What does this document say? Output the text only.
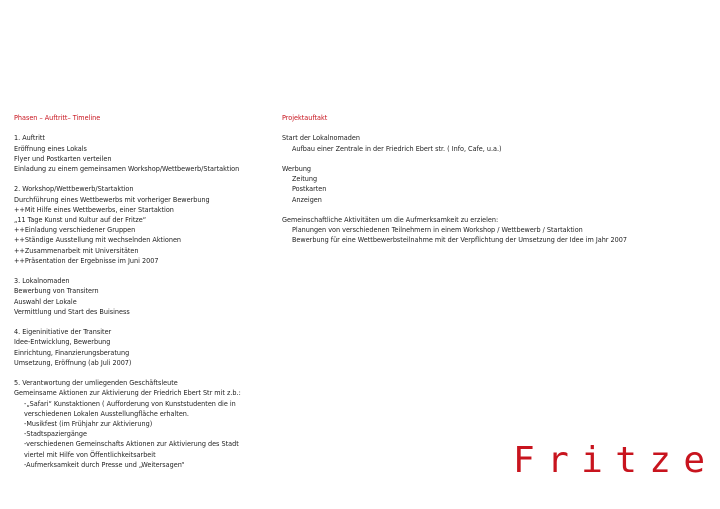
Phasen – Auftritt– Timeline
1. Auftritt
Eröffnung eines Lokals
Flyer und Postkarten verteilen
Einladung zu einem gemeinsamen Workshop/Wettbewerb/Startaktion
2. Workshop/Wettbewerb/Startaktion
Durchführung eines Wettbewerbs mit vorheriger Bewerbung
++Mit Hilfe eines Wettbewerbs, einer Startaktion
„11 Tage Kunst und Kultur auf der Fritze“
++Einladung verschiedener Gruppen
++Ständige Ausstellung mit wechselnden Aktionen
++Zusammenarbeit mit Universitäten
++Präsentation der Ergebnisse im Juni 2007
3. Lokalnomaden
Bewerbung von Transitern
Auswahl der Lokale
Vermittlung und Start des Buisiness
4. Eigeninitiative der Transiter
Idee-Entwicklung, Bewerbung
Einrichtung, Finanzierungsberatung
Umsetzung, Eröffnung (ab Juli 2007)
5. Verantwortung der umliegenden Geschäftsleute
Gemeinsame Aktionen zur Aktivierung der Friedrich Ebert Str mit z.b.:
-„Safari“ Kunstaktionen ( Aufforderung von Kunststudenten die in
verschiedenen Lokalen Ausstellungfläche erhalten.
-Musikfest (im Frühjahr zur Aktivierung)
-Stadtspaziergänge
-verschiedenen Gemeinschafts Aktionen zur Aktivierung des Stadt
viertel mit Hilfe von Öffentlichkeitsarbeit
-Aufmerksamkeit durch Presse und „Weitersagen“
Projektauftakt
Start der Lokalnomaden
Aufbau einer Zentrale in der Friedrich Ebert str. ( Info, Cafe, u.a.)
Werbung
Zeitung
Postkarten
Anzeigen
Gemeinschaftliche Aktivitäten um die Aufmerksamkeit zu erzielen:
Planungen von verschiedenen Teilnehmern in einem Workshop / Wettbewerb / Startaktion
Bewerbung für eine Wettbewerbsteilnahme mit der Verpflichtung der Umsetzung der Idee im Jahr 2007
F r i t z e
